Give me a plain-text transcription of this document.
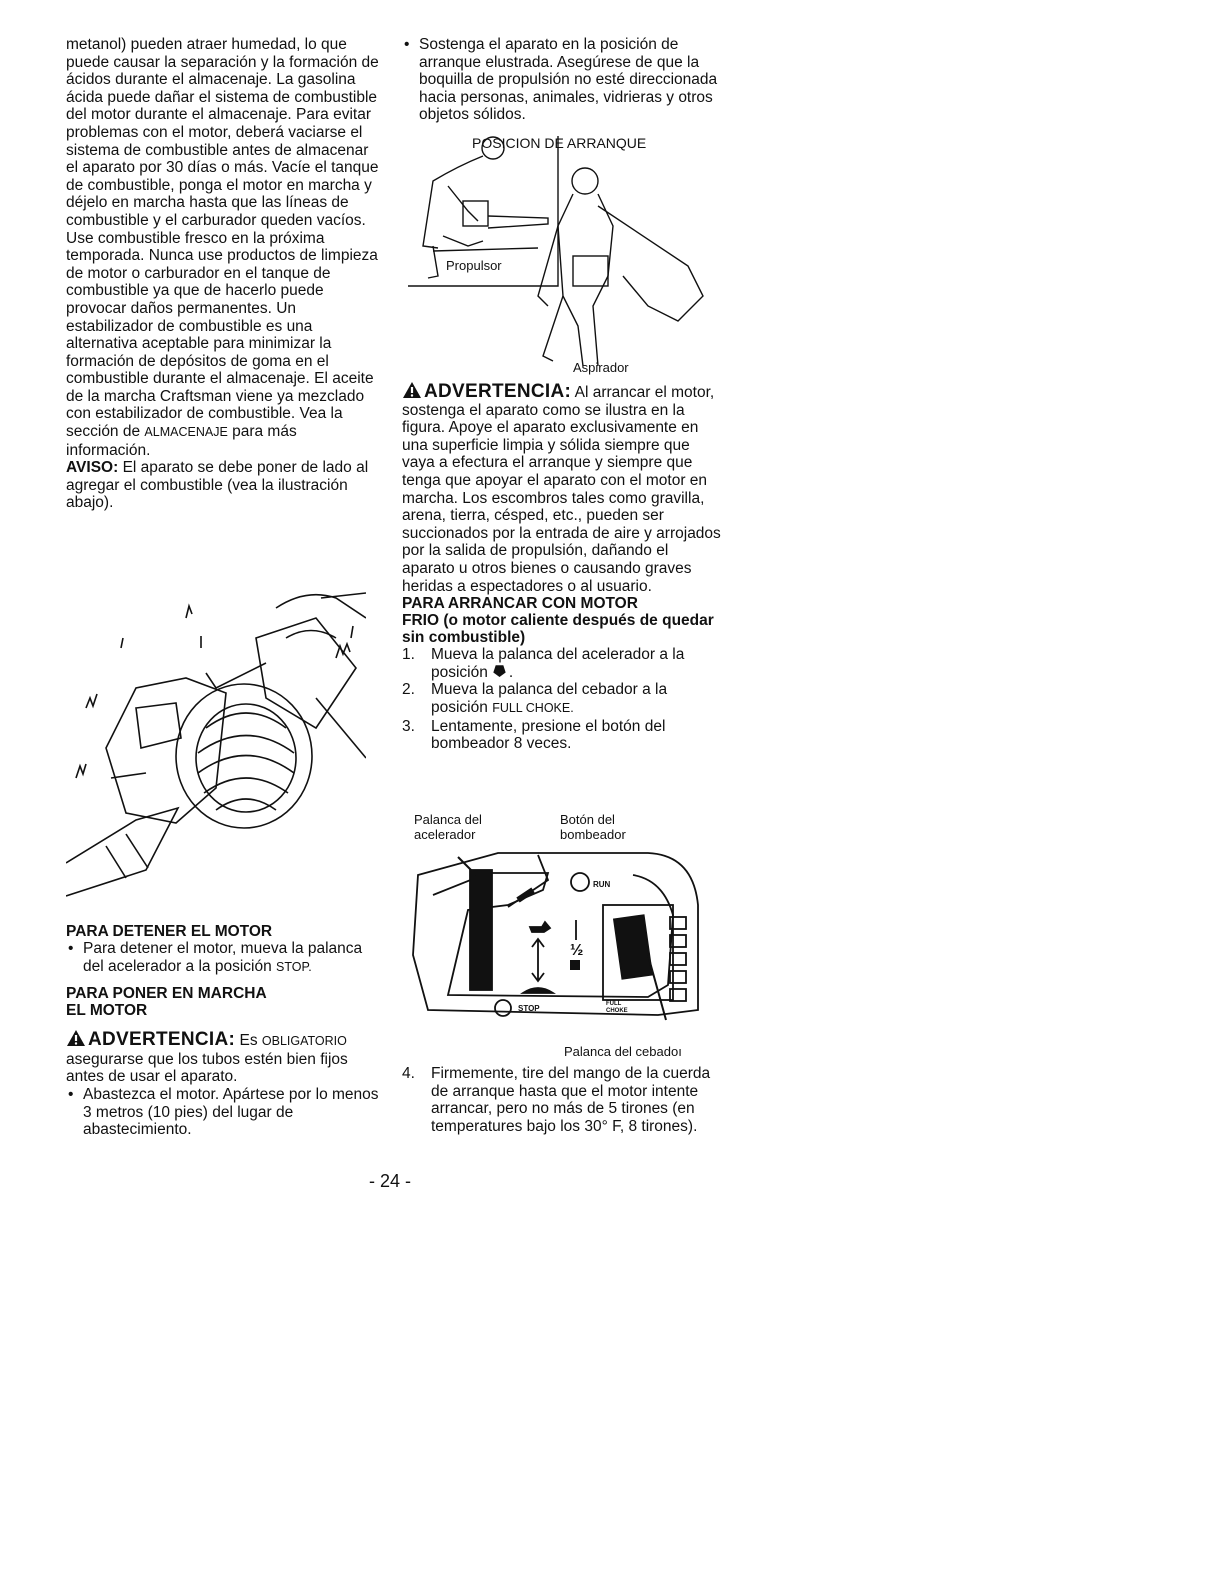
metanol) pueden atraer humedad, lo que puede causar la separación y la formación de ácidos durante el almacenaje. La gasolina ácida puede dañar el sistema de combustible del motor durante el almacenaje. Para evitar problemas con el motor, deberá vaciarse el sistema de combustible antes de almacenar el aparato por 30 días o más. Vacíe el tanque de combustible, ponga el motor en marcha y déjelo en marcha hasta que las líneas de combustible y el carburador queden vacíos. Use combustible fresco en la próxima temporada. Nunca use productos de limpieza de motor o carburador en el tanque de combustible ya que de hacerlo puede provocar daños permanentes. Un estabilizador de combustible es una alternativa aceptable para minimizar la formación de depósitos de goma en el combustible durante el almacenaje. El aceite de la marcha Craftsman viene ya mezclado con estabilizador de combustible. Vea la sección de ALMACENAJE para más información.

AVISO: El aparato se debe poner de lado al agregar el combustible (vea la ilustración abajo).

PARA DETENER EL MOTOR

• Para detener el motor, mueva la palanca del acelerador a la posición STOP.

PARA PONER EN MARCHA
EL MOTOR

ADVERTENCIA: Es OBLIGATORIO asegurarse que los tubos estén bien fijos antes de usar el aparato.

• Abastezca el motor. Apártese por lo menos 3 metros (10 pies) del lugar de abastecimiento.

• Sostenga el aparato en la posición de arranque elustrada. Asegúrese de que la boquilla de propulsión no esté direccionada hacia personas, animales, vidrieras y otros objetos sólidos.

POSICION DE ARRANQUE
Propulsor
Aspirador

ADVERTENCIA: Al arrancar el motor, sostenga el aparato como se ilustra en la figura. Apoye el aparato exclusivamente en una superficie limpia y sólida siempre que vaya a efectura el arranque y siempre que tenga que apoyar el aparato con el motor en marcha. Los escombros tales como gravilla, arena, tierra, césped, etc., pueden ser succionados por la entrada de aire y arrojados por la salida de propulsión, dañando el aparato u otros bienes o causando graves heridas a espectadores o al usuario.

PARA ARRANCAR CON MOTOR
FRIO (o motor caliente después de quedar sin combustible)

1. Mueva la palanca del acelerador a la posición ⯂ .

2. Mueva la palanca del cebador a la posición FULL CHOKE.

3. Lentamente, presione el botón del bombeador 8 veces.

Palanca del acelerador
Botón del bombeador
RUN
½
STOP	FULL
CHOKE
Palanca del cebadoı

4. Firmemente, tire del mango de la cuerda de arranque hasta que el motor intente arrancar, pero no más de 5 tirones (en temperatures bajo los 30° F, 8 tirones).

- 24 -
